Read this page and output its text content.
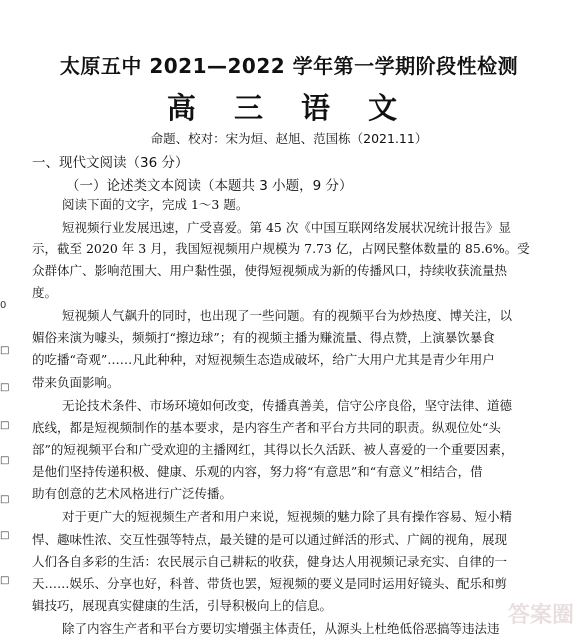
太原五中 2021—2022 学年第一学期阶段性检测
高 三 语 文
命题、校对：宋为烜、赵旭、范国栋（2021.11）
一、现代文阅读（36 分）
（一）论述类文本阅读（本题共 3 小题，9 分）
阅读下面的文字，完成 1～3 题。
短视频行业发展迅速，广受喜爱。第 45 次《中国互联网络发展状况统计报告》显
示，截至 2020 年 3 月，我国短视频用户规模为 7.73 亿，占网民整体数量的 85.6%。受
众群体广、影响范围大、用户黏性强，使得短视频成为新的传播风口，持续收获流量热
度。
短视频人气飙升的同时，也出现了一些问题。有的视频平台为炒热度、博关注，以
媚俗来演为噱头，频频打“擦边球”；有的视频主播为赚流量、得点赞，上演暴饮暴食
的吃播“奇观”……凡此种种，对短视频生态造成破坏，给广大用户尤其是青少年用户
带来负面影响。
无论技术条件、市场环境如何改变，传播真善美，信守公序良俗，坚守法律、道德
底线，都是短视频制作的基本要求，是内容生产者和平台方共同的职责。纵观位处“头
部”的短视频平台和广受欢迎的主播网红，其得以长久活跃、被人喜爱的一个重要因素，
是他们坚持传递积极、健康、乐观的内容，努力将“有意思”和“有意义”相结合，借
助有创意的艺术风格进行广泛传播。
对于更广大的短视频生产者和用户来说，短视频的魅力除了具有操作容易、短小精
悍、趣味性浓、交互性强等特点，最关键的是可以通过鲜活的形式、广阔的视角，展现
人们各自多彩的生活：农民展示自己耕耘的收获，健身达人用视频记录充实、自律的一
天……娱乐、分享也好，科普、带货也罢，短视频的要义是同时运用好镜头、配乐和剪
辑技巧，展现真实健康的生活，引导积极向上的信息。
除了内容生产者和平台方要切实增强主体责任，从源头上杜绝低俗恶搞等违法违
0
□
□
□
□
□
□
□
答案圈
